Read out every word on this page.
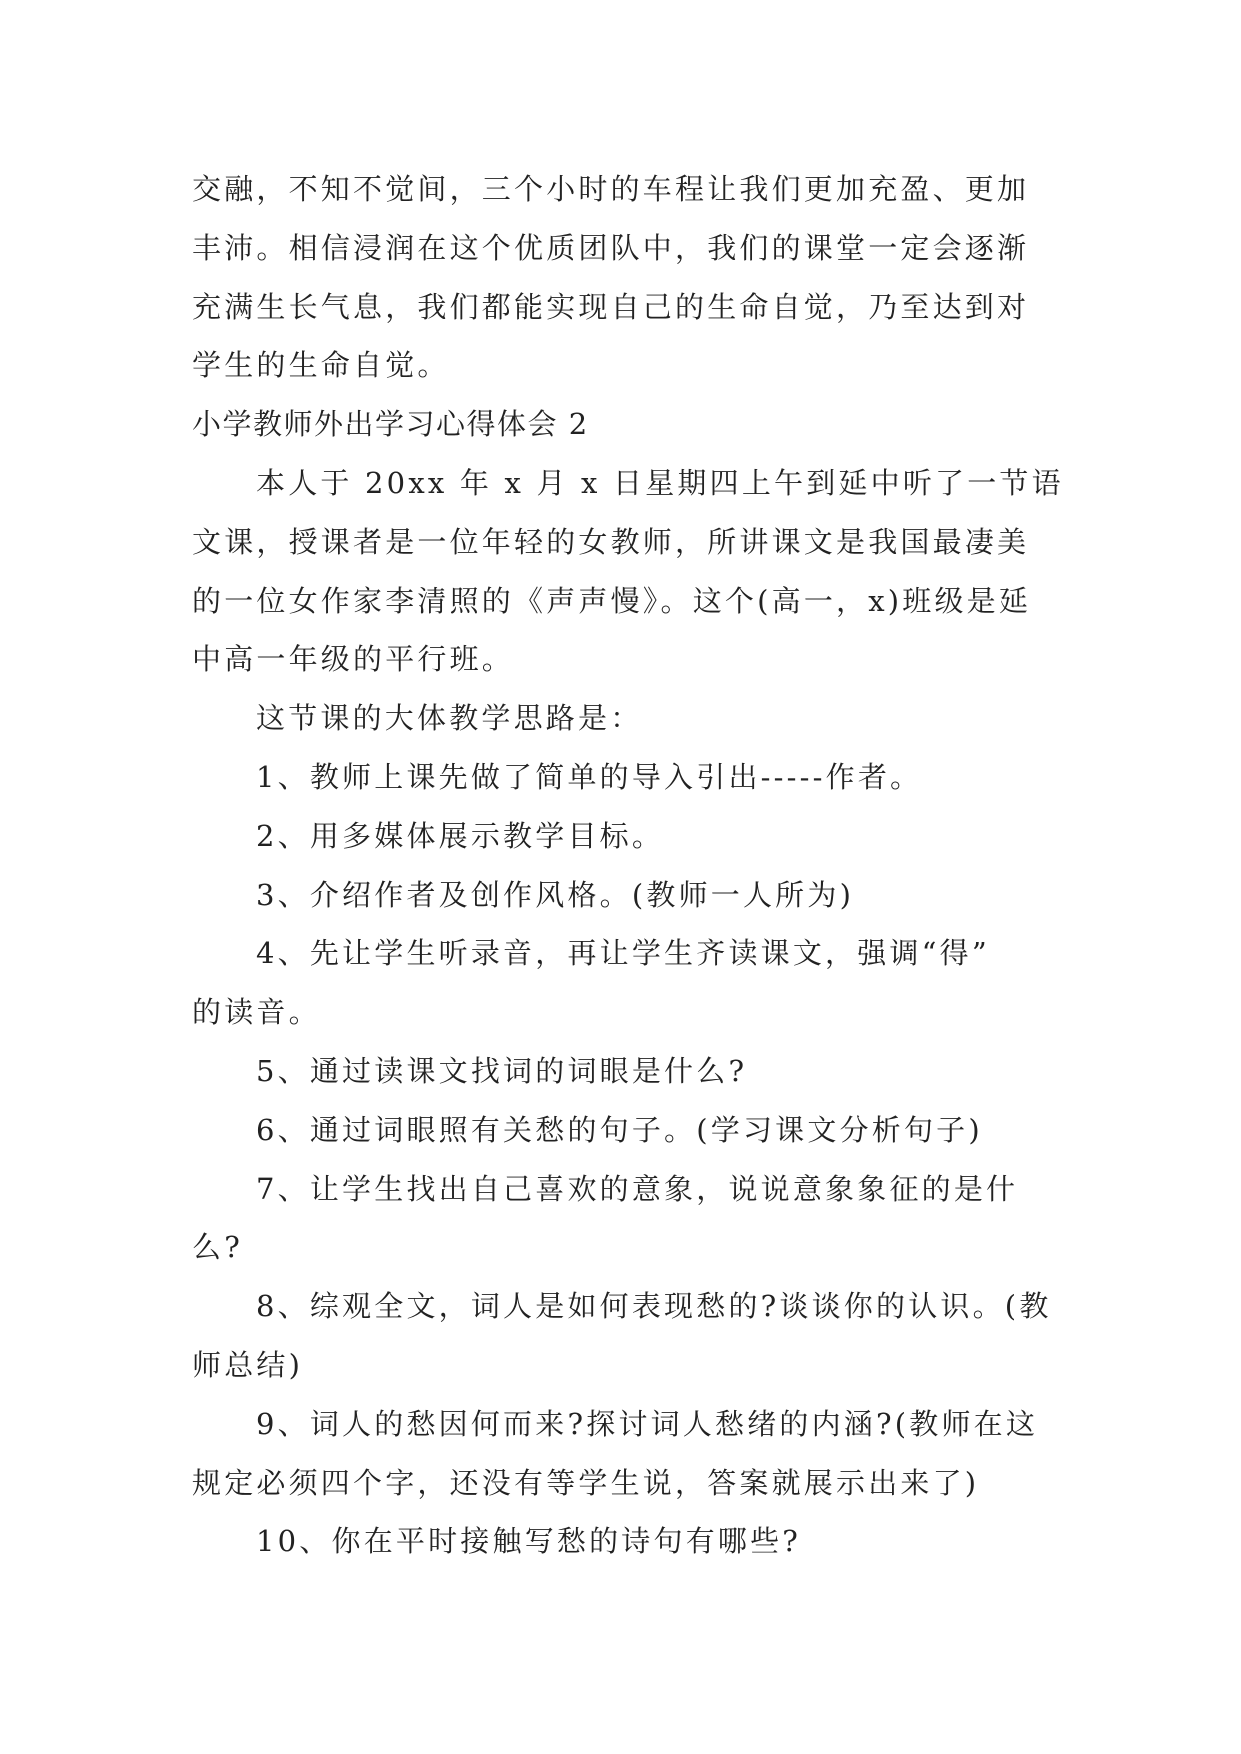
交融，不知不觉间，三个小时的车程让我们更加充盈、更加
丰沛。相信浸润在这个优质团队中，我们的课堂一定会逐渐
充满生长气息，我们都能实现自己的生命自觉，乃至达到对
学生的生命自觉。
小学教师外出学习心得体会 2
本人于 20xx 年 x 月 x 日星期四上午到延中听了一节语
文课，授课者是一位年轻的女教师，所讲课文是我国最凄美
的一位女作家李清照的《声声慢》。这个(高一，x)班级是延
中高一年级的平行班。
这节课的大体教学思路是：
1、教师上课先做了简单的导入引出-----作者。
2、用多媒体展示教学目标。
3、介绍作者及创作风格。(教师一人所为)
4、先让学生听录音，再让学生齐读课文，强调“得”
的读音。
5、通过读课文找词的词眼是什么?
6、通过词眼照有关愁的句子。(学习课文分析句子)
7、让学生找出自己喜欢的意象，说说意象象征的是什
么?
8、综观全文，词人是如何表现愁的?谈谈你的认识。(教
师总结)
9、词人的愁因何而来?探讨词人愁绪的内涵?(教师在这
规定必须四个字，还没有等学生说，答案就展示出来了)
10、你在平时接触写愁的诗句有哪些?
